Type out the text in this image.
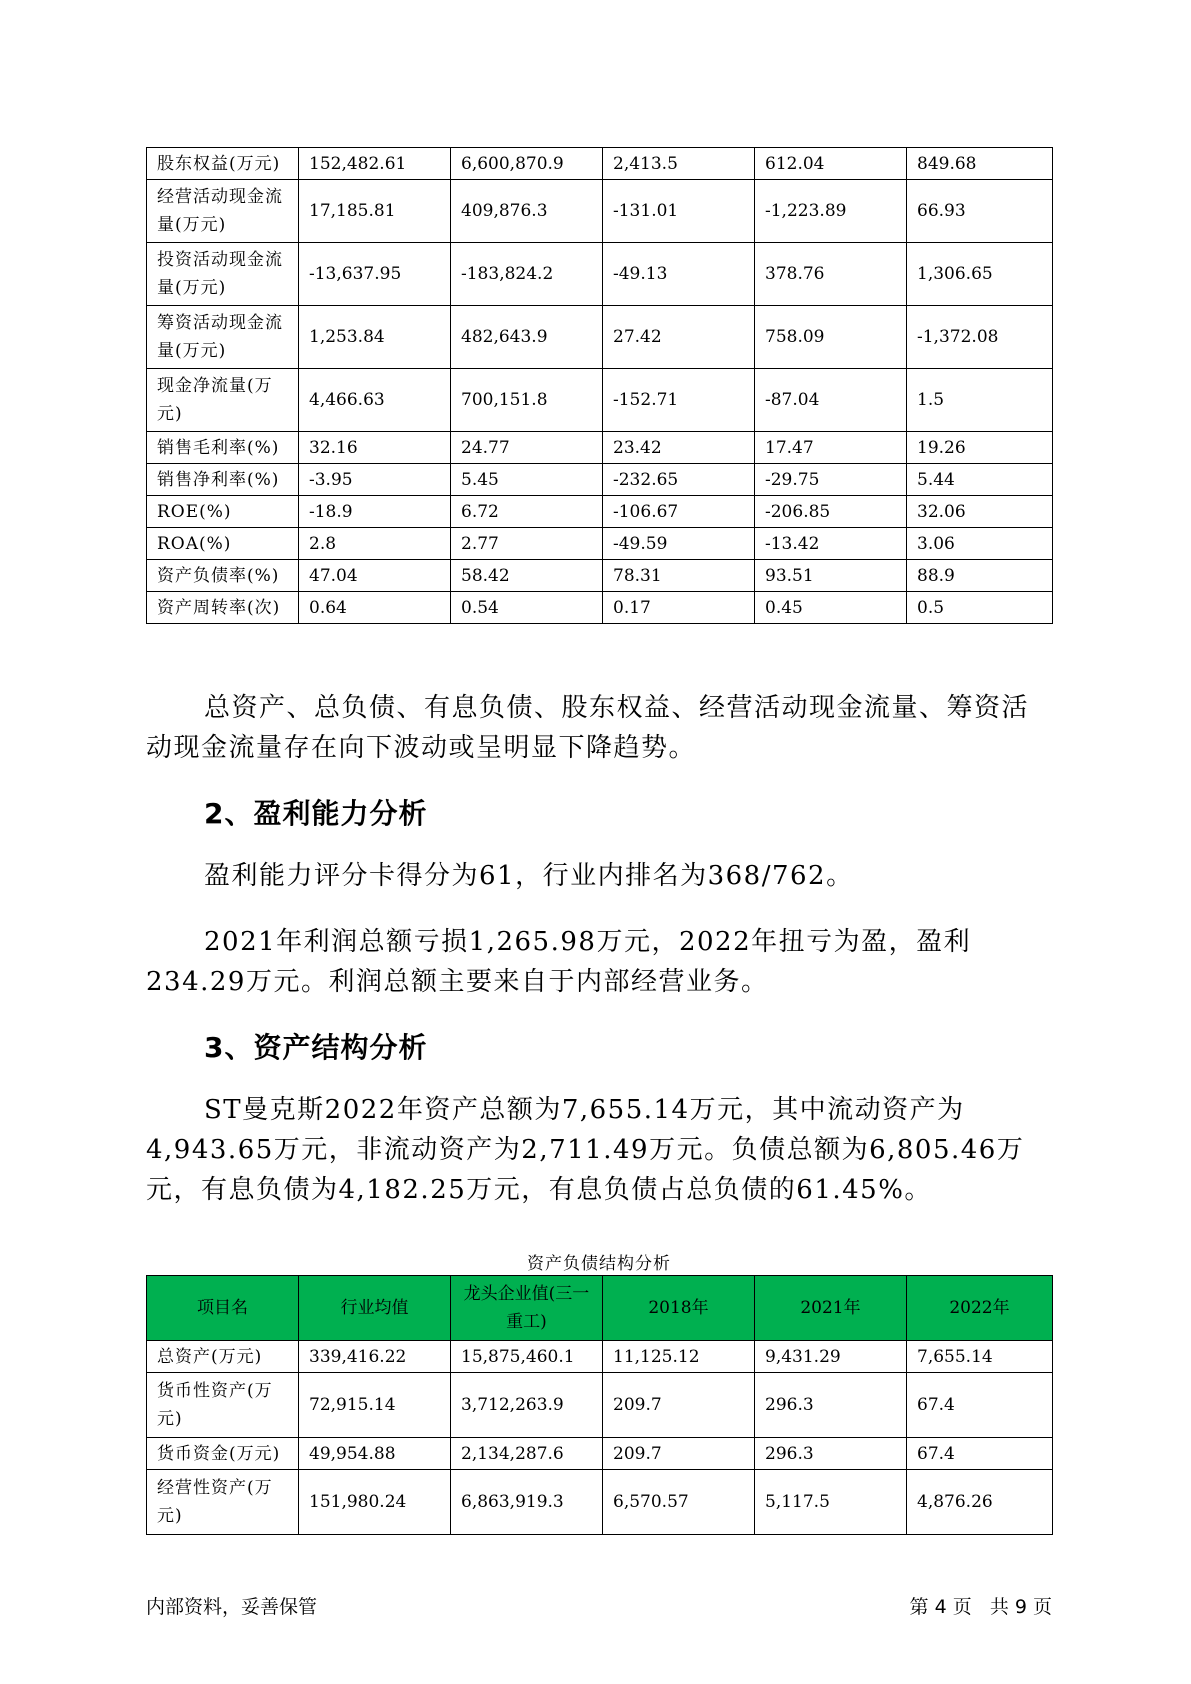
股东权益(万元)	152,482.61	6,600,870.9	2,413.5	612.04	849.68
经营活动现金流量(万元)	17,185.81	409,876.3	-131.01	-1,223.89	66.93
投资活动现金流量(万元)	-13,637.95	-183,824.2	-49.13	378.76	1,306.65
筹资活动现金流量(万元)	1,253.84	482,643.9	27.42	758.09	-1,372.08
现金净流量(万元)	4,466.63	700,151.8	-152.71	-87.04	1.5
销售毛利率(%)	32.16	24.77	23.42	17.47	19.26
销售净利率(%)	-3.95	5.45	-232.65	-29.75	5.44
ROE(%)	-18.9	6.72	-106.67	-206.85	32.06
ROA(%)	2.8	2.77	-49.59	-13.42	3.06
资产负债率(%)	47.04	58.42	78.31	93.51	88.9
资产周转率(次)	0.64	0.54	0.17	0.45	0.5

总资产、总负债、有息负债、股东权益、经营活动现金流量、筹资活动现金流量存在向下波动或呈明显下降趋势。

2、盈利能力分析

盈利能力评分卡得分为61，行业内排名为368/762。

2021年利润总额亏损1,265.98万元，2022年扭亏为盈，盈利234.29万元。利润总额主要来自于内部经营业务。

3、资产结构分析

ST曼克斯2022年资产总额为7,655.14万元，其中流动资产为4,943.65万元，非流动资产为2,711.49万元。负债总额为6,805.46万元，有息负债为4,182.25万元，有息负债占总负债的61.45%。

资产负债结构分析
项目名	行业均值	龙头企业值(三一重工)	2018年	2021年	2022年
总资产(万元)	339,416.22	15,875,460.1	11,125.12	9,431.29	7,655.14
货币性资产(万元)	72,915.14	3,712,263.9	209.7	296.3	67.4
货币资金(万元)	49,954.88	2,134,287.6	209.7	296.3	67.4
经营性资产(万元)	151,980.24	6,863,919.3	6,570.57	5,117.5	4,876.26
内部资料，妥善保管	第 4 页   共 9 页
